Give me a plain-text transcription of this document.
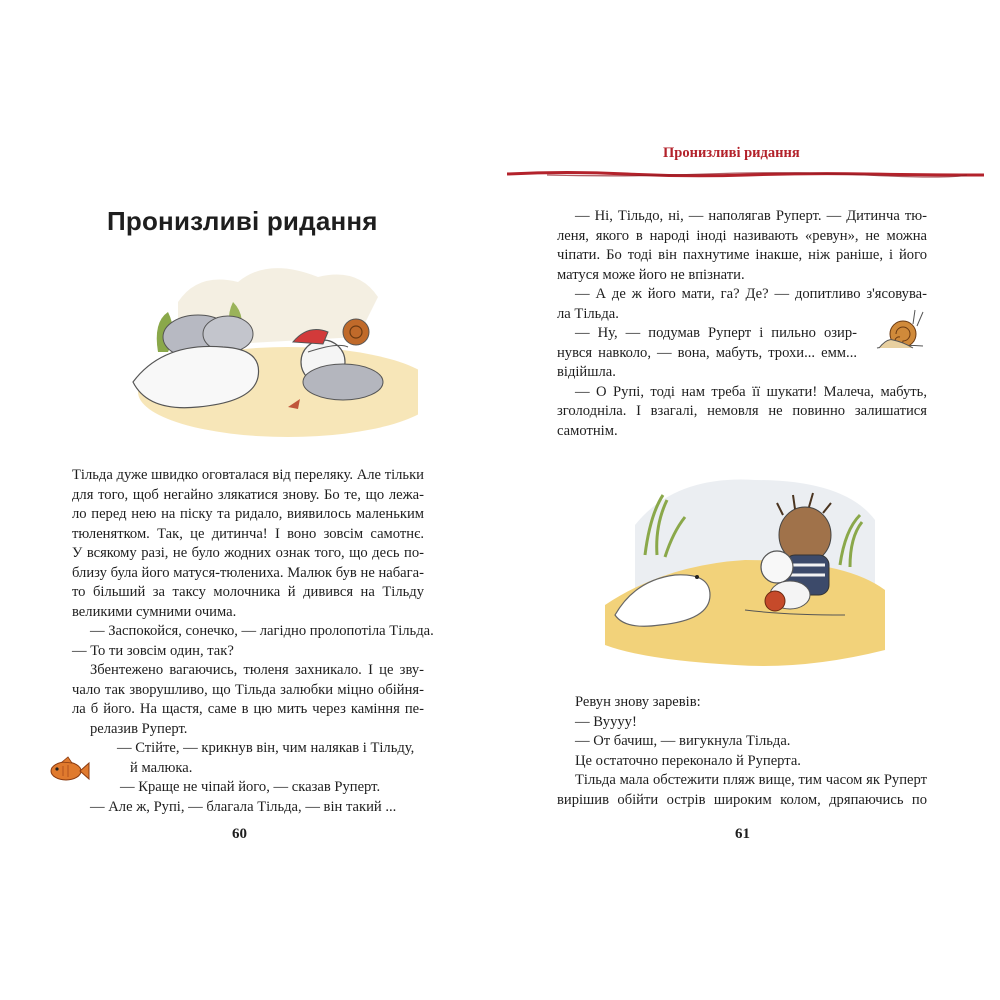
Пронизливі ридання
Тільда дуже швидко оговталася від переляку. Але тільки
для того, щоб негайно злякатися знову. Бо те, що лежа-
ло перед нею на піску та ридало, виявилось маленьким
тюленятком. Так, це дитинча! І воно зовсім самотнє.
У всякому разі, не було жодних ознак того, що десь по-
близу була його матуся-тюлениха. Малюк був не набага-
то більший за таксу молочника й дивився на Тільду
великими сумними очима.
— Заспокойся, сонечко, — лагідно пролопотіла Тільда.
— То ти зовсім один, так?
Збентежено вагаючись, тюленя захникало. І це зву-
чало так зворушливо, що Тільда залюбки міцно обійня-
ла б його. На щастя, саме в цю мить через каміння пе-
релазив Руперт.
— Стійте, — крикнув він, чим налякав і Тільду,
й малюка.
— Краще не чіпай його, — сказав Руперт.
— Але ж, Рупі, — благала Тільда, — він такий ...
60
Пронизливі ридання
— Ні, Тільдо, ні, — наполягав Руперт. — Дитинча тю-
леня, якого в народі іноді називають «ревун», не можна
чіпати. Бо тоді він пахнутиме інакше, ніж раніше, і його
матуся може його не впізнати.
— А де ж його мати, га? Де? — допитливо з'ясовува-
ла Тільда.
— Ну, — подумав Руперт і пильно озир-
нувся навколо, — вона, мабуть, трохи... емм...
відійшла.
— О Рупі, тоді нам треба її шукати! Малеча, мабуть,
зголодніла. І взагалі, немовля не повинно залишатися
самотнім.
Ревун знову заревів:
— Вуууу!
— От бачиш, — вигукнула Тільда.
Це остаточно переконало й Руперта.
Тільда мала обстежити пляж вище, тим часом як Руперт
вирішив обійти острів широким колом, дряпаючись по
61
